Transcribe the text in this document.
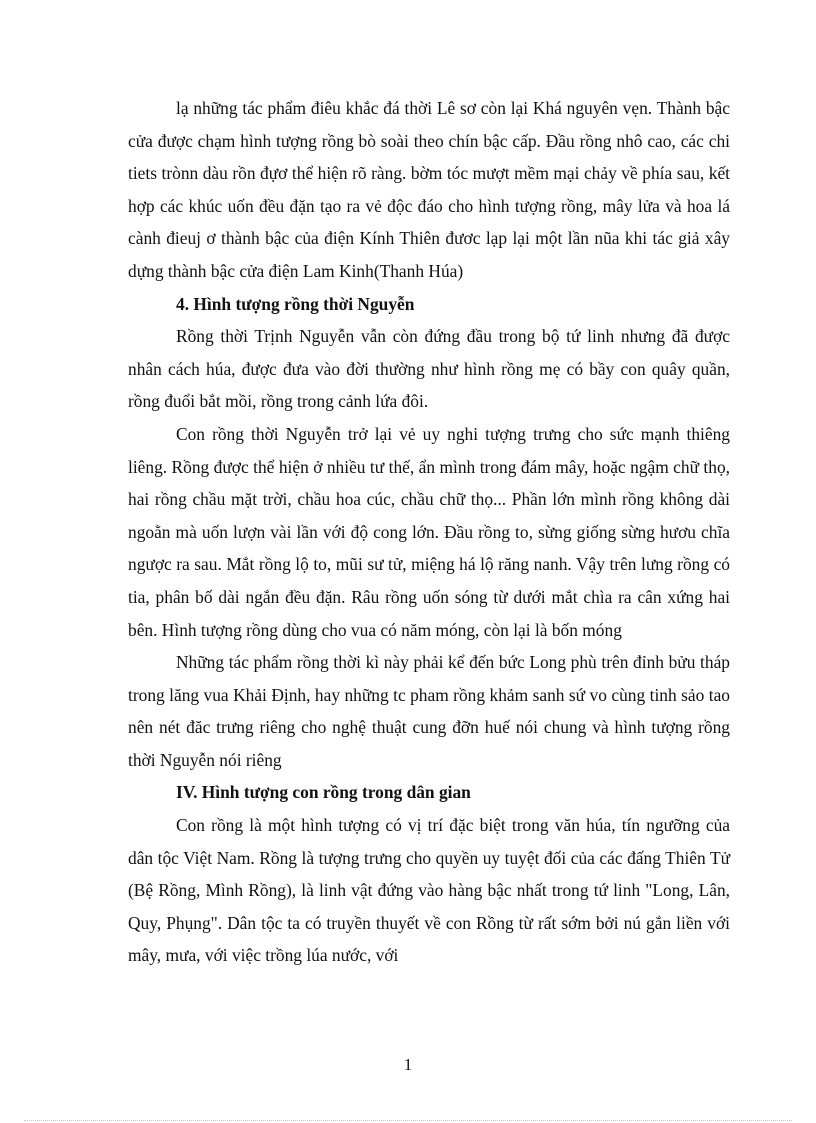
lạ những tác phẩm điêu khắc đá thời Lê sơ còn lại Khá nguyên vẹn. Thành bậc cửa được chạm hình tượng rồng bò soài theo chín bậc cấp. Đầu rồng nhô cao, các chi tiets trònn dàu rồn đựơ thể hiện rõ ràng. bờm tóc mượt mềm mại chảy về phía sau, kết hợp các khúc uốn đều đặn tạo ra vẻ độc đáo cho hình tượng rồng, mây lửa và hoa lá cành đieuj ơ thành bậc của điện Kính Thiên đươc lạp lại một lần nũa khi tác giả xây dựng thành bậc cửa điện Lam Kinh(Thanh Húa)

4. Hình tượng rồng thời Nguyễn

Rồng thời Trịnh Nguyễn vẫn còn đứng đầu trong bộ tứ linh nhưng đã được nhân cách húa, được đưa vào đời thường như hình rồng mẹ có bầy con quây quần, rồng đuổi bắt mồi, rồng trong cảnh lứa đôi.

Con rồng thời Nguyễn trở lại vẻ uy nghi tượng trưng cho sức mạnh thiêng liêng. Rồng được thể hiện ở nhiều tư thế, ẩn mình trong đám mây, hoặc ngậm chữ thọ, hai rồng chầu mặt trời, chầu hoa cúc, chầu chữ thọ... Phần lớn mình rồng không dài ngoằn mà uốn lượn vài lần với độ cong lớn. Đầu rồng to, sừng giống sừng hươu chĩa ngược ra sau. Mắt rồng lộ to, mũi sư tử, miệng há lộ răng nanh. Vậy trên lưng rồng có tia, phân bố dài ngắn đều đặn. Râu rồng uốn sóng từ dưới mắt chìa ra cân xứng hai bên. Hình tượng rồng dùng cho vua có năm móng, còn lại là bốn móng

Những tác phẩm rồng thời kì này phải kể đến bức Long phù trên đỉnh bửu tháp trong lăng vua Khải Định, hay những tc pham rồng khảm sanh sứ vo cùng tinh sảo tao nên nét đăc trưng riêng cho nghệ thuật cung đỡn huế nói chung và hình tượng rồng thời Nguyễn nói riêng

IV. Hình tượng con rồng trong dân gian

Con rồng là một hình tượng có vị trí đặc biệt trong văn húa, tín ngưỡng của dân tộc Việt Nam. Rồng là tượng trưng cho quyền uy tuyệt đối của các đấng Thiên Tử (Bệ Rồng, Mình Rồng), là linh vật đứng vào hàng bậc nhất trong tứ linh "Long, Lân, Quy, Phụng". Dân tộc ta có truyền thuyết về con Rồng từ rất sớm bởi nú gắn liền với mây, mưa, với việc trồng lúa nước, với

1
